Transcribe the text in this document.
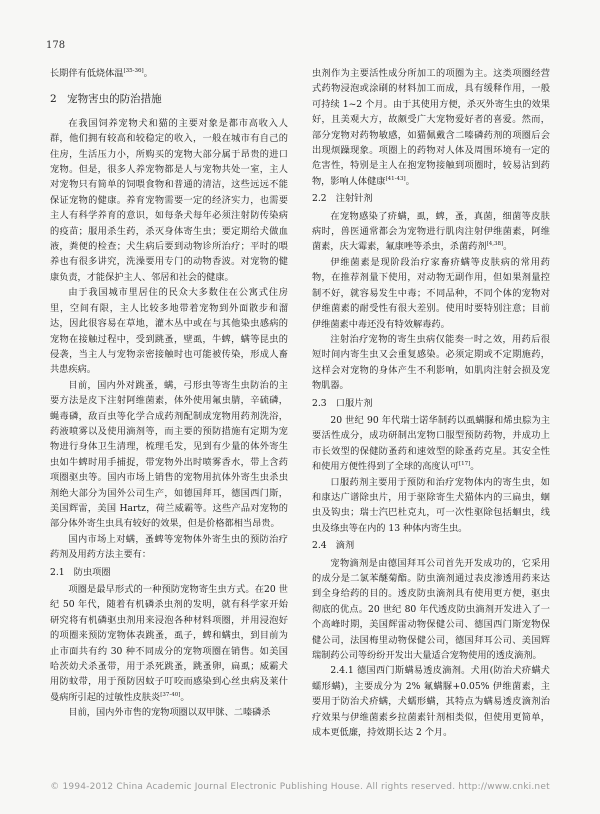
178

长期伴有低烧体温[35-36]。

2　宠物害虫的防治措施

在我国饲养宠物犬和猫的主要对象是都市高收入人群，他们拥有较高和较稳定的收入，一般在城市有自己的住房，生活压力小，所购买的宠物大部分属于昂贵的进口宠物。但是，很多人养宠物都是人与宠物共处一室，主人对宠物只有简单的饲喂食物和普通的清洁，这些远远不能保证宠物的健康。养育宠物需要一定的经济实力，也需要主人有科学养育的意识，如每条犬每年必须注射防传染病的疫苗；服用杀生药，杀灭身体寄生虫；要定期给犬做血液，粪便的检查；犬生病后要到动物诊所治疗；平时的喂养也有很多讲究，洗澡要用专门的动物香波。对宠物的健康负责，才能保护主人、邻居和社会的健康。

由于我国城市里居住的民众大多数住在公寓式住房里，空间有限，主人比较多地带着宠物到外面散步和溜达，因此很容易在草地，灌木丛中或在与其他染虫感病的宠物在接触过程中，受到跳蚤，壁虱，牛蜱，螨等昆虫的侵袭，当主人与宠物亲密接触时也可能被传染，形成人畜共患疾病。

目前，国内外对跳蚤，螨，弓形虫等寄生虫防治的主要方法是皮下注射阿维菌素，体外使用氟虫腈，辛硫磷，蝇毒磷，敌百虫等化学合成药剂配制成宠物用药剂洗浴，药液喷雾以及使用滴剂等，而主要的预防措施有定期为宠物进行身体卫生清理，梳理毛发，见到有少量的体外寄生虫如牛蜱时用手捕捉，带宠物外出时喷雾香水，带上含药项圈驱虫等。国内市场上销售的宠物用抗体外寄生虫杀虫剂绝大部分为国外公司生产，如德国拜耳，德国西门斯，美国辉雷，美国 Hartz，荷兰威霸等。这些产品对宠物的部分体外寄生虫具有较好的效果，但是价格都相当昂贵。

国内市场上对螨，蚤蜱等宠物体外寄生虫的预防治疗药剂及用药方法主要有：

2.1　防虫项圈

项圈是最早形式的一种预防宠物寄生虫方式。在20 世纪 50 年代，随着有机磷杀虫剂的发明，就有科学家开始研究将有机磷驱虫剂用来浸泡各种材料项圈，并用浸泡好的项圈来预防宠物体表跳蚤，虱子，蜱和螨虫，到目前为止市面共有约 30 种不同成分的宠物项圈在销售。如美国哈茨幼犬杀蚤带，用于杀死跳蚤，跳蚤卵，扁虱；威霸犬用防蚊带，用于预防因蚊子叮咬而感染到心丝虫病及莱什曼病所引起的过敏性皮肤炎[37-40]。

目前，国内外市售的宠物项圈以双甲脒、二嗪磷杀

虫剂作为主要活性成分所加工的项圈为主。这类项圈经营式药物浸泡或涂刷的材料加工而成，具有缓释作用，一般可持续 1~2 个月。由于其使用方便，杀灭外寄生虫的效果好，且美观大方，故颇受广大宠物爱好者的喜爱。然而，部分宠物对药物敏感，如猫佩戴含二嗪磷药剂的项圈后会出现烦躁现象。项圈上的药物对人体及周围环境有一定的危害性，特别是主人在抱宠物接触到项圈时，较易沾到药物，影响人体健康[41-43]。

2.2　注射针剂

在宠物感染了疥螨，虱，蜱，蚤，真菌，细菌等皮肤病时，兽医通常都会为宠物进行肌肉注射伊维菌素，阿维菌素，庆大霉素，氟康唑等杀虫，杀菌药剂[4,38]。

伊维菌素是现阶段治疗家畜疥螨等皮肤病的常用药物，在推荐剂量下使用，对动物无副作用，但如果剂量控制不好，就容易发生中毒；不同品种，不同个体的宠物对伊维菌素的耐受性有很大差别。使用时要特别注意；目前伊维菌素中毒还没有特效解毒药。

注射治疗宠物的寄生虫病仅能奏一时之效，用药后很短时间内寄生虫又会重复感染。必须定期或不定期施药，这样会对宠物的身体产生不利影响，如肌肉注射会损及宠物肌器。

2.3　口服片剂

20 世纪 90 年代瑞士诺华制药以虱螨脲和烯虫腙为主要活性成分，成功研制出宠物口服型预防药物，并成功上市长效型的保健防蚤药和速效型的除蚤药克星。其安全性和使用方便性得到了全球的高度认可[17]。

口服药剂主要用于预防和治疗宠物体内的寄生虫，如和康达广谱除虫片，用于驱除寄生犬猫体内的三扁虫，蛔虫及钩虫；瑞士汽巴杜克丸，可一次性驱除包括蛔虫，线虫及绦虫等在内的 13 种体内寄生虫。

2.4　滴剂

宠物滴剂是由德国拜耳公司首先开发成功的，它采用的成分是二氯苯醚菊酯。防虫滴剂通过表皮渗透用药来达到全身给药的目的。透皮防虫滴剂具有使用更方便，驱虫彻底的优点。20 世纪 80 年代透皮防虫滴剂开发进入了一个高峰时期，美国辉雷动物保健公司、德国西门斯宠物保健公司，法国梅里动物保健公司，德国拜耳公司、美国辉瑞制药公司等纷纷开发出大量适合宠物使用的透皮滴剂。

2.4.1 德国西门斯螨易透皮滴剂。犬用(防治犬疥螨犬蠕形螨)，主要成分为 2% 氟螨脲+0.05% 伊维菌素，主要用于防治犬疥螨，犬蠕形螨，其特点为螨易透皮滴剂治疗效果与伊维菌素乡拉菌素针剂相类似，但使用更简单，成本更低廉，持效期长达 2 个月。

© 1994-2012 China Academic Journal Electronic Publishing House. All rights reserved. http://www.cnki.net
